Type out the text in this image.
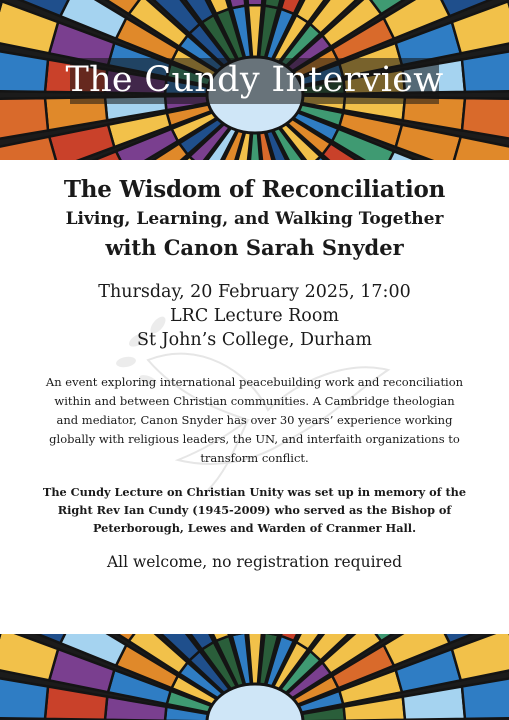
The Cundy Interview
The Wisdom of Reconciliation
Living, Learning, and Walking Together
with Canon Sarah Snyder
Thursday, 20 February 2025, 17:00
LRC Lecture Room
St John’s College, Durham
An event exploring international peacebuilding work and reconciliation within and between Christian communities. A Cambridge theologian and mediator, Canon Snyder has over 30 years’ experience working globally with religious leaders, the UN, and interfaith organizations to transform conflict.
The Cundy Lecture on Christian Unity was set up in memory of the Right Rev Ian Cundy (1945-2009) who served as the Bishop of Peterborough, Lewes and Warden of Cranmer Hall.
All welcome, no registration required
